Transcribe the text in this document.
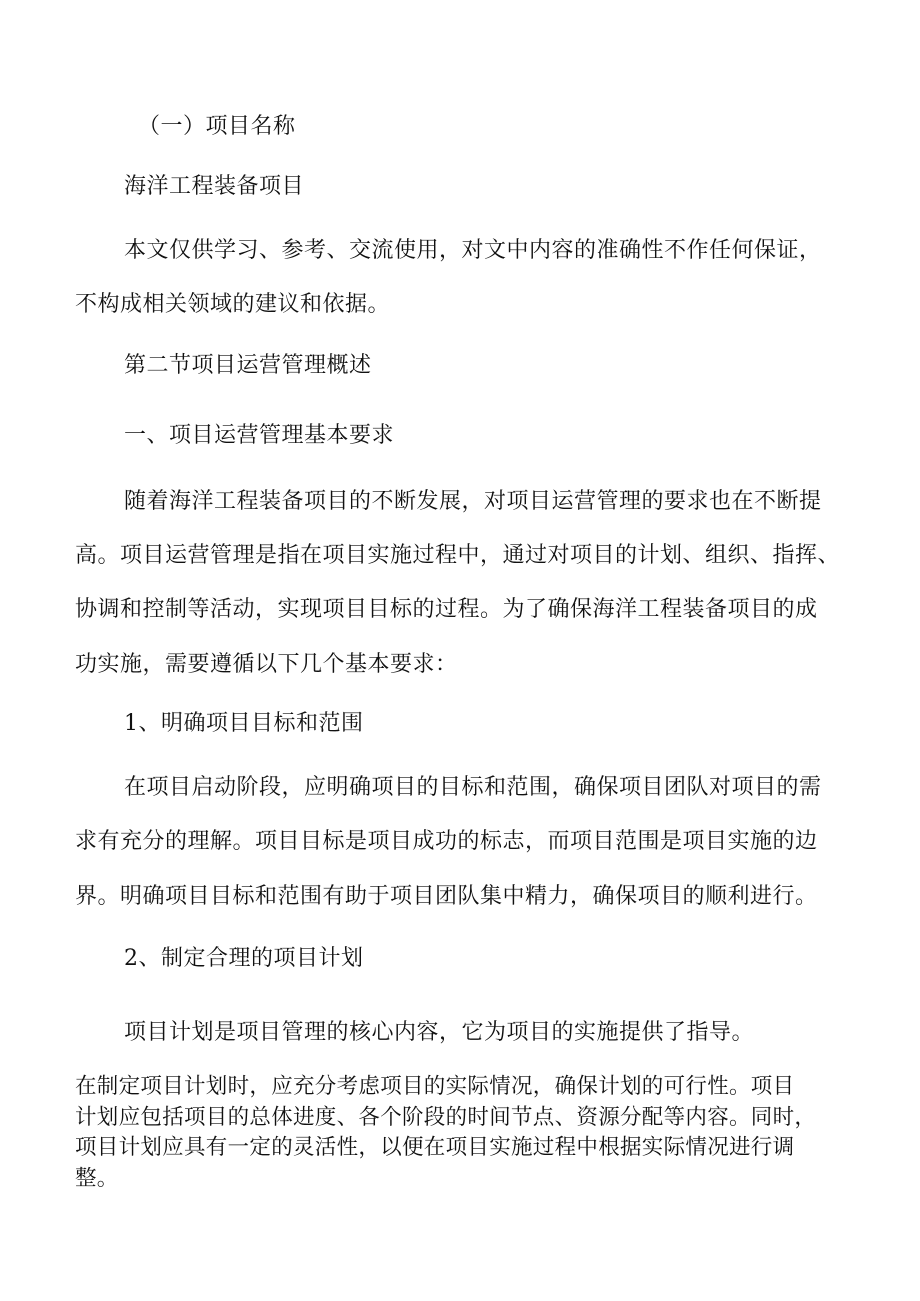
（一）项目名称

海洋工程装备项目

本文仅供学习、参考、交流使用，对文中内容的准确性不作任何保证，

不构成相关领域的建议和依据。

第二节项目运营管理概述

一、项目运营管理基本要求

随着海洋工程装备项目的不断发展，对项目运营管理的要求也在不断提

高。项目运营管理是指在项目实施过程中，通过对项目的计划、组织、指挥、

协调和控制等活动，实现项目目标的过程。为了确保海洋工程装备项目的成

功实施，需要遵循以下几个基本要求：

1、明确项目目标和范围

在项目启动阶段，应明确项目的目标和范围，确保项目团队对项目的需

求有充分的理解。项目目标是项目成功的标志，而项目范围是项目实施的边

界。明确项目目标和范围有助于项目团队集中精力，确保项目的顺利进行。

2、制定合理的项目计划

项目计划是项目管理的核心内容，它为项目的实施提供了指导。

在制定项目计划时，应充分考虑项目的实际情况，确保计划的可行性。项目

计划应包括项目的总体进度、各个阶段的时间节点、资源分配等内容。同时，

项目计划应具有一定的灵活性，以便在项目实施过程中根据实际情况进行调

整。
